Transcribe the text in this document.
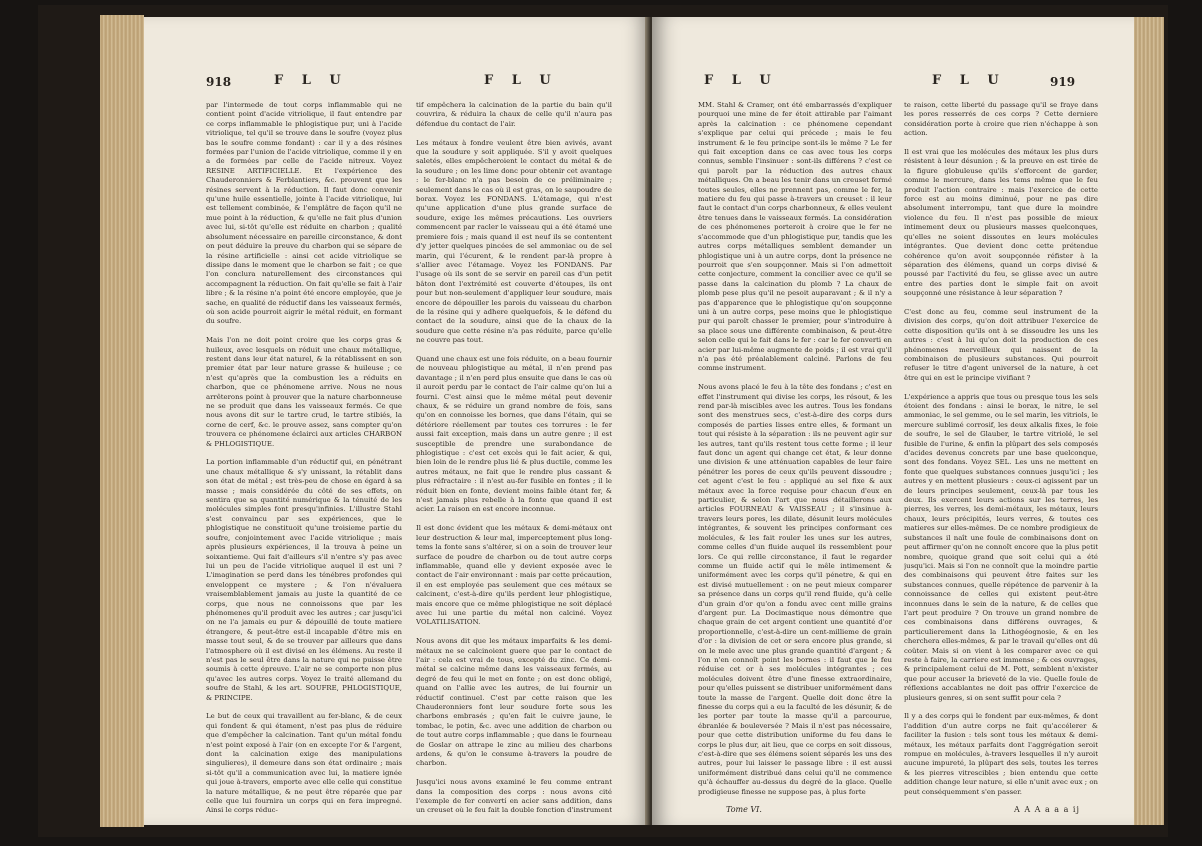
918	F L U	F L U
par l'intermede de tout corps inflammable qui ne contient point d'acide vitriolique, il faut entendre par ce corps inflammable le phlogistique pur, uni à l'acide vitriolique, tel qu'il se trouve dans le soufre (voyez plus bas le soufre comme fondant) : car il y a des résines formées par l'union de l'acide vitriolique, comme il y en a de formées par celle de l'acide nitreux. Voyez RESINE ARTIFICIELLE. Et l'expérience des Chauderonniers & Ferblantiers, &c. prouvent que les résines servent à la réduction. Il faut donc convenir qu'une huile essentielle, jointe à l'acide vitriolique, lui est tellement combinée, & l'emplâtre de façon qu'il ne mue point à la réduction, & qu'elle ne fait plus d'union avec lui, si-tôt qu'elle est réduite en charbon ; qualité absolument nécessaire en pareille circonstance, & dont on peut déduire la preuve du charbon qui se sépare de la résine artificielle : ainsi cet acide vitriolique se dissipe dans le moment que le charbon se fait ; ce que l'on conclura naturellement des circonstances qui accompagnent la réduction. On fait qu'elle se fait à l'air libre ; & la résine n'a point été encore employée, que je sache, en qualité de réductif dans les vaisseaux fermés, où son acide pourroit aigrir le métal réduit, en formant du soufre.

Mais l'on ne doit point croire que les corps gras & huileux, avec lesquels on réduit une chaux métallique, restent dans leur état naturel, & la rétablissent en son premier état par leur nature grasse & huileuse ; ce n'est qu'après que la combustion les a réduits en charbon, que ce phénomene arrive. Nous ne nous arrêterons point à prouver que la nature charbonneuse ne se produit que dans les vaisseaux fermés. Ce que nous avons dit sur le tartre crud, le tartre stibiés, la corne de cerf, &c. le prouve assez, sans compter qu'on trouvera ce phénomene éclairci aux articles CHARBON & PHLOGISTIQUE.

La portion inflammable d'un réductif qui, en pénétrant une chaux métallique & s'y unissant, la rétablit dans son état de métal ; est très-peu de chose en égard à sa masse ; mais considérée du côté de ses effets, on sentira que sa quantité numérique & la ténuité de les molécules simples font presqu'infinies. L'illustre Stahl s'est convaincu par ses expériences, que le phlogistique ne constituoit qu'une troisieme partie du soufre, conjointement avec l'acide vitriolique ; mais après plusieurs expériences, il la trouva à peine un soixantieme. Qui fait d'ailleurs s'il n'entre s'y pas avec lui un peu de l'acide vitriolique auquel il est uni ? L'imagination se perd dans les ténébres profondes qui enveloppent ce mystere ; & l'on n'évaluera vraisemblablement jamais au juste la quantité de ce corps, que nous ne connoissons que par les phénomenes qu'il produit avec les autres ; car jusqu'ici on ne l'a jamais eu pur & dépouillé de toute matiere étrangere, & peut-être est-il incapable d'être mis en masse tout seul, & de se trouver par ailleurs que dans l'atmosphere où il est divisé en les élémens. Au reste il n'est pas le seul être dans la nature qui ne puisse être soumis à cette épreuve. L'air ne se comporte non plus qu'avec les autres corps. Voyez le traité allemand du soufre de Stahl, & les art. SOUFRE, PHLOGISTIQUE, & PRINCIPE.

Le but de ceux qui travaillent au fer-blanc, & de ceux qui fondent & qui étament, n'est pas plus de réduire que d'empêcher la calcination. Tant qu'un métal fondu n'est point exposé à l'air (on en excepte l'or & l'argent, dont la calcination exige des manipulations singulieres), il demeure dans son état ordinaire ; mais si-tôt qu'il a communication avec lui, la matiere ignée qui joue à-travers, emporte avec elle celle qui constitue la nature métallique, & ne peut être réparée que par celle que lui fournira un corps qui en fera impregné. Ainsi le corps réduc-
tif empêchera la calcination de la partie du bain qu'il couvrira, & réduira la chaux de celle qu'il n'aura pas défendue du contact de l'air.

Les métaux à fondre veulent être bien avivés, avant que la soudure y soit appliquée. S'il y avoit quelques saletés, elles empêcheroient le contact du métal & de la soudure ; on les lime donc pour obtenir cet avantage : le fer-blanc n'a pas besoin de ce préliminaire ; seulement dans le cas où il est gras, on le saupoudre de borax. Voyez les FONDANS. L'étamage, qui n'est qu'une application d'une plus grande surface de soudure, exige les mêmes précautions. Les ouvriers commencent par racler le vaisseau qui a été étamé une premiere fois ; mais quand il est neuf ils se contentent d'y jetter quelques pincées de sel ammoniac ou de sel marin, qui l'écurent, & le rendent par-là propre à s'allier avec l'étamage. Voyez les FONDANS. Par l'usage où ils sont de se servir en pareil cas d'un petit bâton dont l'extrémité est couverte d'étoupes, ils ont pour but non-seulement d'appliquer leur soudure, mais encore de dépouiller les parois du vaisseau du charbon de la résine qui y adhere quelquefois, & le défend du contact de la soudure, ainsi que de la chaux de la soudure que cette résine n'a pas réduite, parce qu'elle ne couvre pas tout.

Quand une chaux est une fois réduite, on a beau fournir de nouveau phlogistique au métal, il n'en prend pas davantage ; il n'en perd plus ensuite que dans le cas où il auroit perdu par le contact de l'air calme qu'on lui a fourni. C'est ainsi que le même métal peut devenir chaux, & se réduire un grand nombre de fois, sans qu'on en connoisse les bornes, que dans l'étain, qui se détériore réellement par toutes ces torrures : le fer aussi fait exception, mais dans un autre genre ; il est susceptible de prendre une surabondance de phlogistique : c'est cet excès qui le fait acier, & qui, bien loin de le rendre plus lié & plus ductile, comme les autres métaux, ne fait que le rendre plus cassant & plus réfractaire : il n'est au-fer fusible en fontes ; il le réduit bien en fonte, devient moins faible étant fer, & n'est jamais plus rebelle à la fonte que quand il est acier. La raison en est encore inconnue.

Il est donc évident que les métaux & demi-métaux ont leur destruction & leur mal, imperceptement plus long-tems la fonte sans s'altérer, si on a soin de trouver leur surface de poudre de charbon ou de tout autre corps inflammable, quand elle y devient exposée avec le contact de l'air environnant : mais par cette précaution, il en est employée pas seulement que ces métaux se calcinent, c'est-à-dire qu'ils perdent leur phlogistique, mais encore que ce même phlogistique ne soit déplacé avec lui une partie du métal non calciné. Voyez VOLATILISATION.

Nous avons dit que les métaux imparfaits & les demi-métaux ne se calcinoient guere que par le contact de l'air : cela est vrai de tous, excepté du zinc. Ce demi-métal se calcine même dans les vaisseaux fermés, au degré de feu qui le met en fonte ; on est donc obligé, quand on l'allie avec les autres, de lui fournir un réductif continuel. C'est par cette raison que les Chauderonniers font leur soudure forte sous les charbons embrasés ; qu'en fait le cuivre jaune, le tombac, le potin, &c. avec une addition de charbon ou de tout autre corps inflammable ; que dans le fourneau de Goslar on attrape le zinc au milieu des charbons ardens, & qu'on le consume à-travers la poudre de charbon.

Jusqu'ici nous avons examiné le feu comme entrant dans la composition des corps : nous avons cité l'exemple de fer convertí en acier sans addition, dans un creuset où le feu fait la double fonction d'instrument
F L U	F L U	919
MM. Stahl & Cramer, ont été embarrassés d'expliquer pourquoi une mine de fer étoit attirable par l'aimant après la calcination : ce phénomene cependant s'explique par celui qui précede ; mais le feu instrument & le feu principe sont-ils le même ? Le fer qui fait exception dans ce cas avec tous les corps connus, semble l'insinuer : sont-ils différens ? c'est ce qui paroît par la réduction des autres chaux métalliques. On a beau les tenir dans un creuset fermé toutes seules, elles ne prennent pas, comme le fer, la matiere du feu qui passe à-travers un creuset : il leur faut le contact d'un corps charbonneux, & elles veulent être tenues dans le vaisseaux fermés. La considération de ces phénomenes porteroit à croire que le fer ne s'accommode que d'un phlogistique pur, tandis que les autres corps métalliques semblent demander un phlogistique uni à un autre corps, dont la présence ne pourroit que s'en soupçonner. Mais si l'on admettoit cette conjecture, comment la concilier avec ce qu'il se passe dans la calcination du plomb ? La chaux de plomb pese plus qu'il ne pesoit auparavant ; & il n'y a pas d'apparence que le phlogistique qu'on soupçonne uni à un autre corps, pese moins que le phlogistique pur qui paroît chasser le premier, pour s'introduire à sa place sous une différente combinaison, & peut-être selon celle qui le fait dans le fer : car le fer converti en acier par lui-même augmente de poids ; il est vrai qu'il n'a pas été préalablement calciné. Parlons de feu comme instrument.

Nous avons placé le feu à la tête des fondans ; c'est en effet l'instrument qui divise les corps, les résout, & les rend par-là miscibles avec les autres. Tous les fondans sont des menstrues secs, c'est-à-dire des corps durs composés de parties lisses entre elles, & formant un tout qui résiste à la séparation : ils ne peuvent agir sur les autres, tant qu'ils restent tous cette forme ; il leur faut donc un agent qui change cet état, & leur donne une division & une atténuation capables de leur faire pénétrer les pores de ceux qu'ils peuvent dissoudre ; cet agent c'est le feu : appliqué au sel fixe & aux métaux avec la force requise pour chacun d'eux en particulier, & selon l'art que nous détaillerons aux articles FOURNEAU & VAISSEAU ; il s'insinue à-travers leurs pores, les dilate, désunit leurs molécules intégrantes, & souvent les principes conformant ces molécules, & les fait rouler les unes sur les autres, comme celles d'un fluide auquel ils ressemblent pour lors. Ce qui rellle circonstance, il faut le regarder comme un fluide actif qui le mêle intimement & uniformément avec les corps qu'il pénetre, & qui en est divisé mutuellement : on ne peut mieux comparer sa présence dans un corps qu'il rend fluide, qu'à celle d'un grain d'or qu'on a fondu avec cent mille grains d'argent pur. La Docimastique nous démontre que chaque grain de cet argent contient une quantité d'or proportionnelle, c'est-à-dire un cent-millieme de grain d'or : la division de cet or sera encore plus grande, si on le mele avec une plus grande quantité d'argent ; & l'on n'en connoît point les bornes : il faut que le feu réduise cet or à ses molécules intégrantes ; ces molécules doivent être d'une finesse extraordinaire, pour qu'elles puissent se distribuer uniformément dans toute la masse de l'argent. Quelle doit donc être la finesse du corps qui a eu la faculté de les désunir, & de les porter par toute la masse qu'il a parcourue, ébranlée & bouleversée ? Mais il n'est pas nécessaire, pour que cette distribution uniforme du feu dans le corps le plus dur, ait lieu, que ce corps en soit dissous, c'est-à-dire que ses élémens soient séparés les uns des autres, pour lui laisser le passage libre : il est aussi uniformément distribué dans celui qu'il ne commence qu'à échauffer au-dessus du degré de la glace. Quelle prodigieuse finesse ne suppose pas, à plus forte
te raison, cette liberté du passage qu'il se fraye dans les pores resserrés de ces corps ? Cette derniere considération porte à croire que rien n'échappe à son action.

Il est vrai que les molécules des métaux les plus durs résistent à leur désunion ; & la preuve en est tirée de la figure globuleuse qu'ils s'efforcent de garder, comme le mercure, dans les tems même que le feu produit l'action contraire : mais l'exercice de cette force est au moins diminué, pour ne pas dire absolument interrompu, tant que dure la moindre violence du feu. Il n'est pas possible de mieux intimement deux ou plusieurs masses quelconques, qu'elles ne soient dissoutes en leurs molécules intégrantes. Que devient donc cette prétendue cohérence qu'on avoit soupçonnée réfister à la séparation des élémens, quand un corps divisé & poussé par l'activité du feu, se glisse avec un autre entre des parties dont le simple fait on avoit soupçonné une résistance à leur séparation ?

C'est donc au feu, comme seul instrument de la division des corps, qu'on doit attribuer l'exercice de cette disposition qu'ils ont à se dissoudre les uns les autres : c'est à lui qu'on doit la production de ces phénomenes merveilleux qui naissent de la combinaison de plusieurs substances. Qui pourroit refuser le titre d'agent universel de la nature, à cet être qui en est le principe vivifiant ?

L'expérience a appris que tous ou presque tous les sels étoient des fondans : ainsi le borax, le nitre, le sel ammoniac, le sel gemme, ou le sel marin, les vitriols, le mercure sublimé corrosif, les deux alkalis fixes, le foie de soufre, le sel de Glauber, le tartre vitriolé, le sel fusible de l'urine, & enfin la plûpart des sels composés d'acides devenus concrets par une base quelconque, sont des fondans. Voyez SEL. Les uns ne mettent en fonte que quelques substances connues jusqu'ici ; les autres y en mettent plusieurs : ceux-ci agissent par un de leurs principes seulement, ceux-là par tous les deux. Ils exercent leurs actions sur les terres, les pierres, les verres, les demi-métaux, les métaux, leurs chaux, leurs précipités, leurs verres, & toutes ces matieres sur elles-mêmes. De ce nombre prodigieux de substances il naît une foule de combinaisons dont on peut affirmer qu'on ne connoît encore que la plus petit nombre, quoique grand que soit celui qui a été jusqu'ici. Mais si l'on ne connoît que la moindre partie des combinaisons qui peuvent être faites sur les substances connues, quelle répétence de parvenir à la connoissance de celles qui existent peut-être inconnues dans le sein de la nature, & de celles que l'art peut produire ? On trouve un grand nombre de ces combinaisons dans différens ouvrages, & particulierement dans la Lithogéognosie, & en les cherchera elles-mêmes, & par le travail qu'elles ont dû coûter. Mais si on vient à les comparer avec ce qui reste à faire, la carriere est immense ; & ces ouvrages, & principalement celui de M. Pott, semblent n'exister que pour accuser la brieveté de la vie. Quelle foule de réflexions accablantes ne doit pas offrir l'exercice de plusieurs genres, si on sent suffit pour cela ?

Il y a des corps qui le fondent par eux-mêmes, & dont l'addition d'un autre corps ne fait qu'accélerer & faciliter la fusion : tels sont tous les métaux & demi-métaux, les métaux parfaits dont l'aggrégation seroit rompue en molécules, à-travers lesquelles il n'y auroit aucune impureté, la plûpart des sels, toutes les terres & les pierres vitrescibles ; bien entendu que cette addition change leur nature, si elle n'unit avec eux ; on peut conséquemment s'en passer.

Tome VI.	A A A a a a ij
